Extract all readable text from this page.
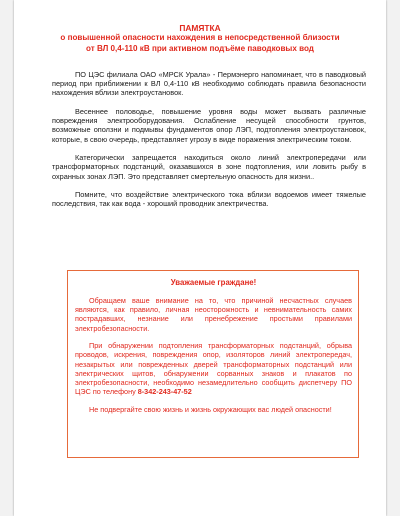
ПАМЯТКА
о повышенной опасности нахождения в непосредственной близости
от ВЛ 0,4-110 кВ при активном подъёме паводковых вод

ПО ЦЭС филиала ОАО «МРСК Урала» - Пермэнерго напоминает, что в паводковый период при приближении к ВЛ 0,4-110 кВ необходимо соблюдать правила безопасности нахождения вблизи электроустановок.

Весеннее половодье, повышение уровня воды может вызвать различные повреждения электрооборудования. Ослабление несущей способности грунтов, возможные оползни и подмывы фундаментов опор ЛЭП, подтопления электроустановок, которые, в свою очередь, представляет угрозу в виде поражения электрическим током.

Категорически запрещается находиться около линий электропередачи или трансформаторных подстанций, оказавшихся в зоне подтопления, или ловить рыбу в охранных зонах ЛЭП. Это представляет смертельную опасность для жизни..

Помните, что воздействие электрического тока вблизи водоемов имеет тяжелые последствия, так как вода - хороший проводник электричества.

Уважаемые граждане!

Обращаем ваше внимание на то, что причиной несчастных случаев являются, как правило, личная неосторожность и невнимательность самих пострадавших, незнание или пренебрежение простыми правилами электробезопасности.

При обнаружении подтопления трансформаторных подстанций, обрыва проводов, искрения, повреждения опор, изоляторов линий электропередач, незакрытых или поврежденных дверей трансформаторных подстанций или электрических щитов, обнаружении сорванных знаков и плакатов по электробезопасности, необходимо незамедлительно сообщить диспетчеру ПО ЦЭС по телефону 8-342-243-47-52

Не подвергайте свою жизнь и жизнь окружающих вас людей опасности!
